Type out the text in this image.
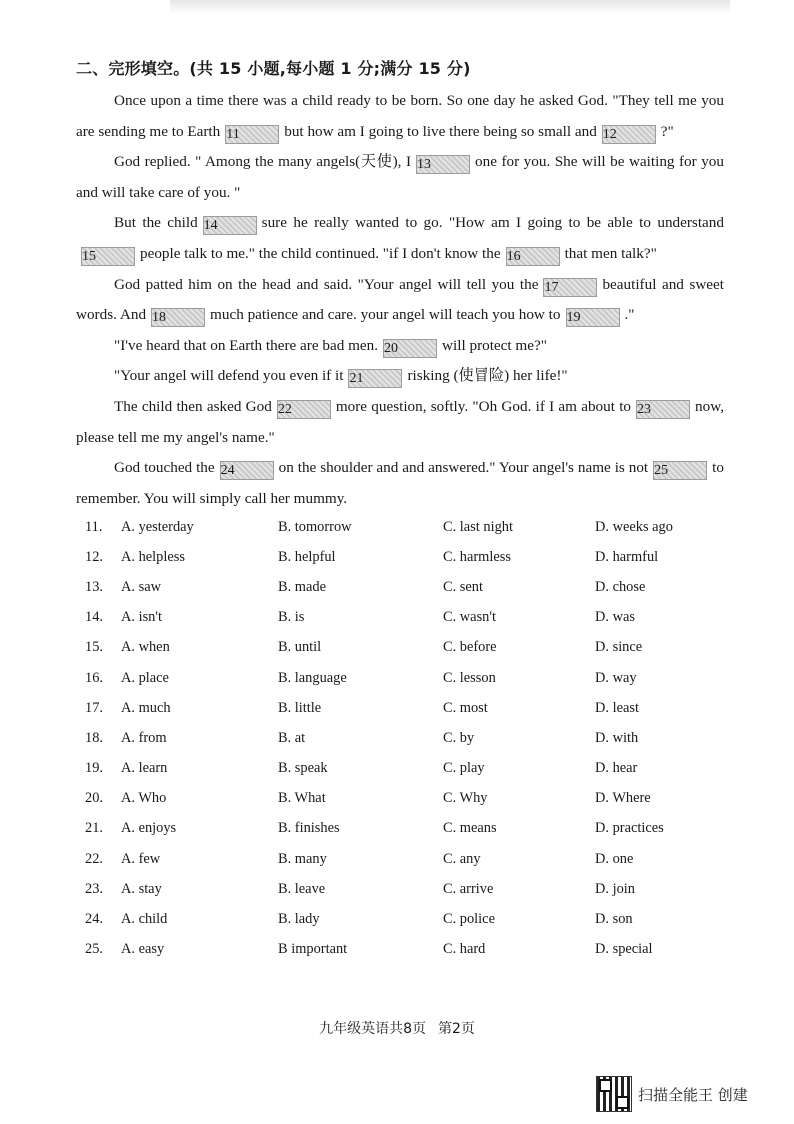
二、完形填空。(共 15 小题,每小题 1 分;满分 15 分)

Once upon a time there was a child ready to be born. So one day he asked God. "They tell me you are sending me to Earth 11	but how am I going to live there being so small and 12	?"

God replied. " Among the many angels(天使), I 13	one for you. She will be waiting for you and will take care of you. "

But the child 14	sure he really wanted to go. "How am I going to be able to understand15	people talk to me." the child continued. "if I don't know the 16	that men talk?"

God patted him on the head and said. "Your angel will tell you the 17	beautiful and sweet words. And 18	much patience and care. your angel will teach you how to 19	."

"I've heard that on Earth there are bad men. 20	will protect me?"

"Your angel will defend you even if it 21	risking (使冒险) her life!"

The child then asked God 22	more question, softly. "Oh God. if I am about to 23	now, please tell me my angel's name."

God touched the 24	on the shoulder and and answered." Your angel's name is not 25	to remember. You will simply call her mummy.

11.	A. yesterday	B. tomorrow	C. last night	D. weeks ago
12.	A. helpless	B. helpful	C. harmless	D. harmful
13.	A. saw	B. made	C. sent	D. chose
14.	A. isn't	B. is	C. wasn't	D. was
15.	A. when	B. until	C. before	D. since
16.	A. place	B. language	C. lesson	D. way
17.	A. much	B. little	C. most	D. least
18.	A. from	B. at	C. by	D. with
19.	A. learn	B. speak	C. play	D. hear
20.	A. Who	B. What	C. Why	D. Where
21.	A. enjoys	B. finishes	C. means	D. practices
22.	A. few	B. many	C. any	D. one
23.	A. stay	B. leave	C. arrive	D. join
24.	A. child	B. lady	C. police	D. son
25.	A. easy	B important	C. hard	D. special
九年级英语共8页 第2页
扫描全能王 创建
